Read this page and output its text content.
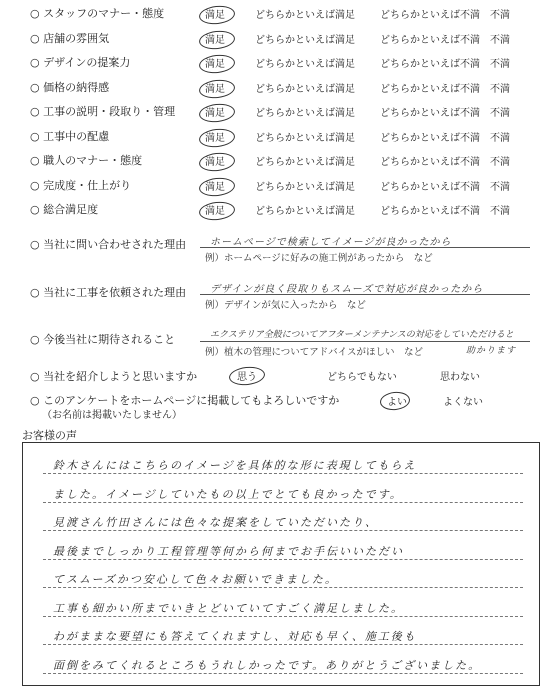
○ スタッフのマナー・態度	満足	どちらかといえば満足	どちらかといえば不満 不満
○ 店舗の雰囲気	満足	どちらかといえば満足	どちらかといえば不満 不満
○ デザインの提案力	満足	どちらかといえば満足	どちらかといえば不満 不満
○ 価格の納得感	満足	どちらかといえば満足	どちらかといえば不満 不満
○ 工事の説明・段取り・管理	満足	どちらかといえば満足	どちらかといえば不満 不満
○ 工事中の配慮	満足	どちらかといえば満足	どちらかといえば不満 不満
○ 職人のマナー・態度	満足	どちらかといえば満足	どちらかといえば不満 不満
○ 完成度・仕上がり	満足	どちらかといえば満足	どちらかといえば不満 不満
○ 総合満足度	満足	どちらかといえば満足	どちらかといえば不満 不満
○ 当社に問い合わせされた理由 ホームページで検索してイメージが良かったから
例）ホームページに好みの施工例があったから　など
○ 当社に工事を依頼された理由 デザインが良く段取りもスムーズで対応が良かったから
例）デザインが気に入ったから　など
○ 今後当社に期待されること	エクステリア全般についてアフターメンテナンスの対応をしていただけると
例）植木の管理についてアドバイスがほしい　など	助かります
○ 当社を紹介しようと思いますか	思う	どちらでもない	思わない
○ このアンケートをホームページに掲載してもよろしいですか
（お名前は掲載いたしません）
よい	よくない
お客様の声
鈴木さんにはこちらのイメージを具体的な形に表現してもらえ
ました。イメージしていたもの以上でとても良かったです。
見渡さん竹田さんには色々な提案をしていただいたり、
最後までしっかり工程管理等何から何までお手伝いいただい
てスムーズかつ安心して色々お願いできました。
工事も細かい所までいきとどいていてすごく満足しました。
わがままな要望にも答えてくれますし、対応も早く、施工後も
面倒をみてくれるところもうれしかったです。ありがとうございました。
